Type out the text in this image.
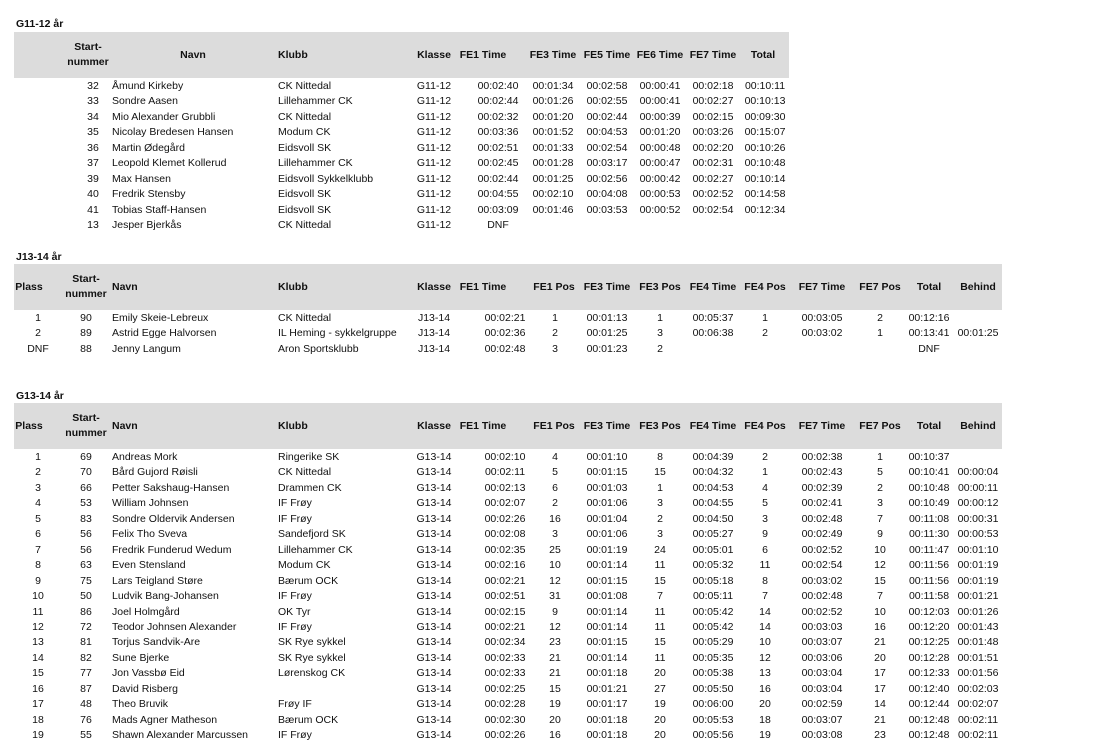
G11-12 år
Start-
nummer
Navn	Klubb	Klasse FE1 Time FE3 Time FE5 Time FE6 Time FE7 Time Total
32 Åmund Kirkeby	CK Nittedal	G11-12	00:02:40 00:01:34 00:02:58 00:00:41 00:02:18 00:10:11
33 Sondre Aasen	Lillehammer CK	G11-12	00:02:44 00:01:26 00:02:55 00:00:41 00:02:27 00:10:13
34 Mio Alexander Grubbli	CK Nittedal	G11-12	00:02:32 00:01:20 00:02:44 00:00:39 00:02:15 00:09:30
35 Nicolay Bredesen Hansen	Modum CK	G11-12	00:03:36 00:01:52 00:04:53 00:01:20 00:03:26 00:15:07
36 Martin Ødegård	Eidsvoll SK	G11-12	00:02:51 00:01:33 00:02:54 00:00:48 00:02:20 00:10:26
37 Leopold Klemet Kollerud	Lillehammer CK	G11-12	00:02:45 00:01:28 00:03:17 00:00:47 00:02:31 00:10:48
39 Max Hansen	Eidsvoll Sykkelklubb	G11-12	00:02:44 00:01:25 00:02:56 00:00:42 00:02:27 00:10:14
40 Fredrik Stensby	Eidsvoll SK	G11-12	00:04:55 00:02:10 00:04:08 00:00:53 00:02:52 00:14:58
41 Tobias Staff-Hansen	Eidsvoll SK	G11-12	00:03:09 00:01:46 00:03:53 00:00:52 00:02:54 00:12:34
13 Jesper Bjerkås	CK Nittedal	G11-12	DNF
J13-14 år
Plass
Start-
nummer
Navn	Klubb	Klasse FE1 Time	FE1 Pos FE3 Time FE3 Pos FE4 Time FE4 Pos FE7 Time FE7 Pos Total Behind
1	90 Emily Skeie-Lebreux	CK Nittedal	J13-14	00:02:21	1	00:01:13	1	00:05:37	1	00:03:05	2 00:12:16
2	89 Astrid Egge Halvorsen	IL Heming - sykkelgruppe J13-14	00:02:36	2	00:01:25	3	00:06:38	2	00:03:02	1 00:13:41 00:01:25
DNF	88 Jenny Langum	Aron Sportsklubb	J13-14	00:02:48	3	00:01:23	2	DNF
G13-14 år
Plass
Start-
nummer
Navn	Klubb	Klasse FE1 Time	FE1 Pos FE3 Time FE3 Pos FE4 Time FE4 Pos FE7 Time FE7 Pos Total Behind
1	69 Andreas Mork	Ringerike SK	G13-14	00:02:10	4	00:01:10	8	00:04:39	2	00:02:38	1 00:10:37
2	70 Bård Gujord Røisli	CK Nittedal	G13-14	00:02:11	5	00:01:15	15	00:04:32	1	00:02:43	5 00:10:41 00:00:04
3	66 Petter Sakshaug-Hansen	Drammen CK	G13-14	00:02:13	6	00:01:03	1	00:04:53	4	00:02:39	2 00:10:48 00:00:11
4	53 William Johnsen	IF Frøy	G13-14	00:02:07	2	00:01:06	3	00:04:55	5	00:02:41	3 00:10:49 00:00:12
5	83 Sondre Oldervik Andersen	IF Frøy	G13-14	00:02:26 16 00:01:04	2	00:04:50	3	00:02:48	7 00:11:08 00:00:31
6	56 Felix Tho Sveva	Sandefjord SK	G13-14	00:02:08	3	00:01:06	3	00:05:27	9	00:02:49	9 00:11:30 00:00:53
7	56 Fredrik Funderud Wedum	Lillehammer CK	G13-14	00:02:35 25 00:01:19	24	00:05:01	6	00:02:52	10 00:11:47 00:01:10
8	63 Even Stensland	Modum CK	G13-14	00:02:16 10 00:01:14	11	00:05:32 11	00:02:54	12 00:11:56 00:01:19
9	75 Lars Teigland Støre	Bærum OCK	G13-14	00:02:21 12 00:01:15	15	00:05:18	8	00:03:02	15 00:11:56 00:01:19
10	50 Ludvik Bang-Johansen	IF Frøy	G13-14	00:02:51 31 00:01:08	7	00:05:11	7	00:02:48	7 00:11:58 00:01:21
11	86 Joel Holmgård	OK Tyr	G13-14	00:02:15	9	00:01:14	11	00:05:42 14	00:02:52	10 00:12:03 00:01:26
12	72 Teodor Johnsen Alexander	IF Frøy	G13-14	00:02:21 12 00:01:14	11	00:05:42 14	00:03:03	16 00:12:20 00:01:43
13	81 Torjus Sandvik-Are	SK Rye sykkel	G13-14	00:02:34 23 00:01:15	15	00:05:29 10	00:03:07	21 00:12:25 00:01:48
14	82 Sune Bjerke	SK Rye sykkel	G13-14	00:02:33 21 00:01:14	11	00:05:35 12	00:03:06	20 00:12:28 00:01:51
15	77 Jon Vassbø Eid	Lørenskog CK	G13-14	00:02:33 21 00:01:18	20	00:05:38 13	00:03:04	17 00:12:33 00:01:56
16	87 David Risberg	G13-14	00:02:25 15 00:01:21	27	00:05:50 16	00:03:04	17 00:12:40 00:02:03
17	48 Theo Bruvik	Frøy IF	G13-14	00:02:28 19 00:01:17	19	00:06:00 20	00:02:59	14 00:12:44 00:02:07
18	76 Mads Agner Matheson	Bærum OCK	G13-14	00:02:30 20 00:01:18	20	00:05:53 18	00:03:07	21 00:12:48 00:02:11
19	55 Shawn Alexander Marcussen	IF Frøy	G13-14	00:02:26 16 00:01:18	20	00:05:56 19	00:03:08	23 00:12:48 00:02:11
